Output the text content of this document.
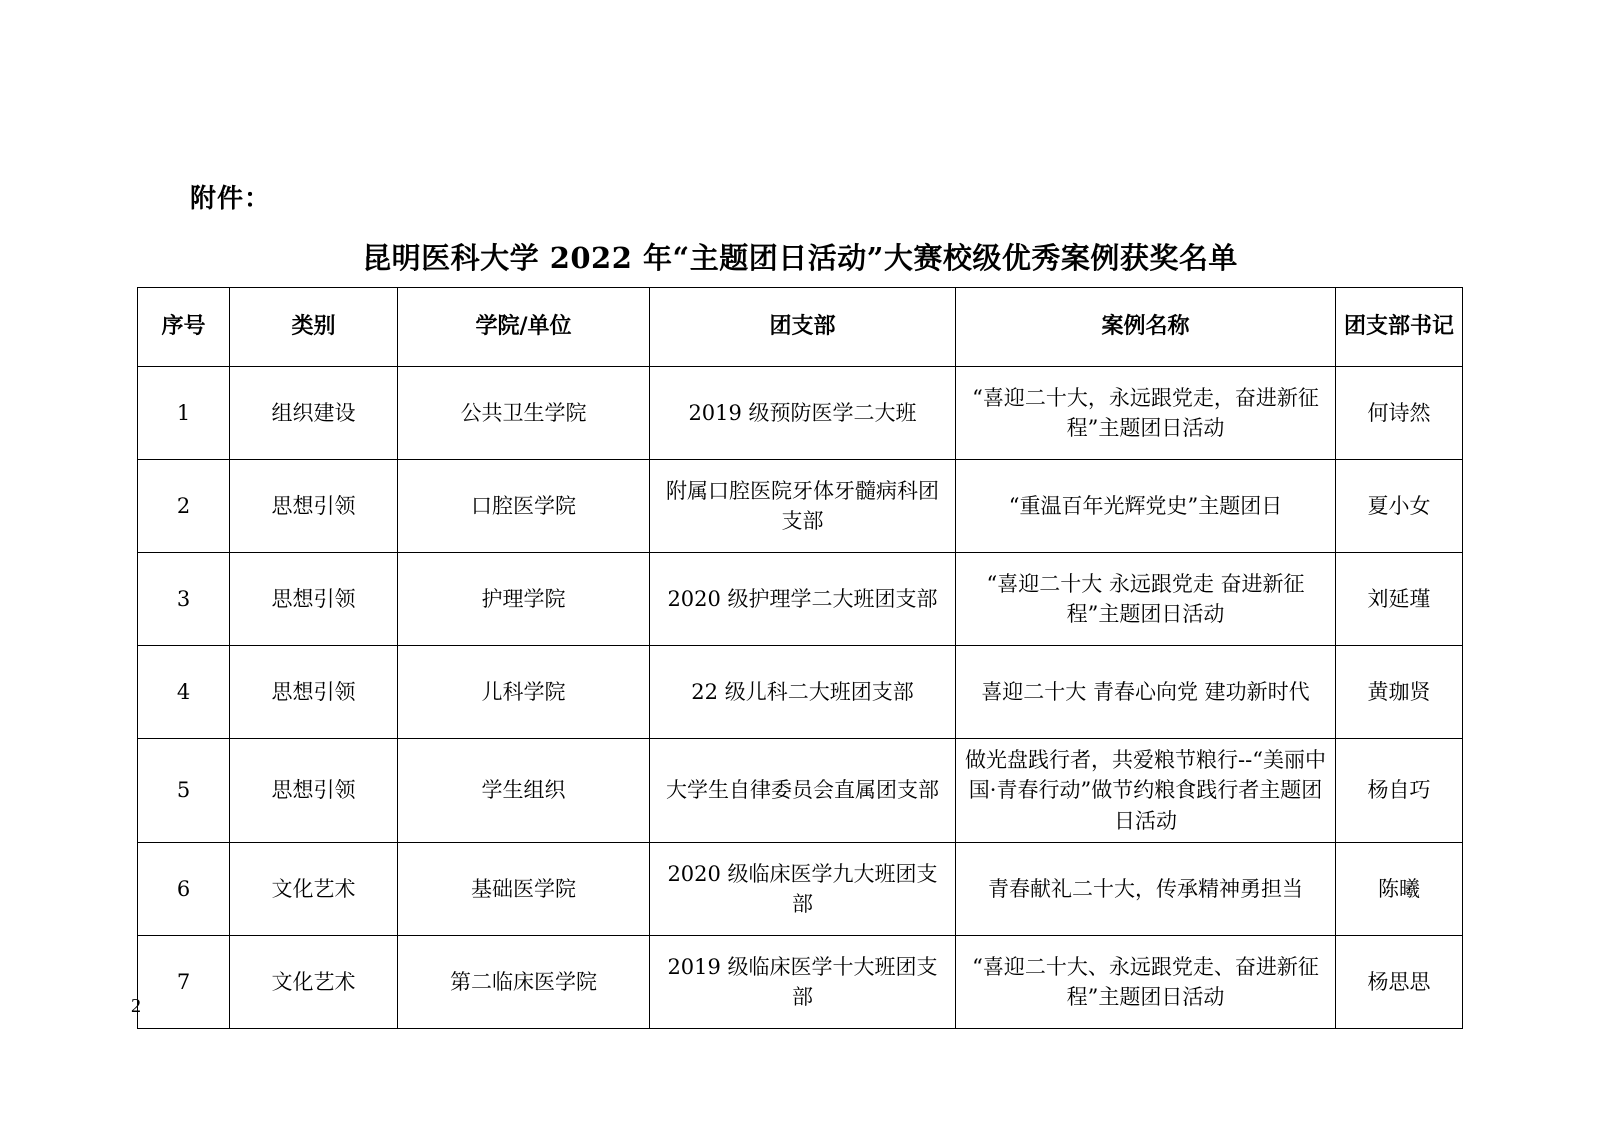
附件：
昆明医科大学 2022 年“主题团日活动”大赛校级优秀案例获奖名单
序号	类别	学院/单位	团支部	案例名称	团支部书记
1	组织建设	公共卫生学院	2019 级预防医学二大班	“喜迎二十大，永远跟党走，奋进新征程”主题团日活动	何诗然
2	思想引领	口腔医学院	附属口腔医院牙体牙髓病科团支部	“重温百年光辉党史”主题团日	夏小女
3	思想引领	护理学院	2020 级护理学二大班团支部	“喜迎二十大 永远跟党走 奋进新征程”主题团日活动	刘延瑾
4	思想引领	儿科学院	22 级儿科二大班团支部	喜迎二十大 青春心向党 建功新时代	黄珈贤
5	思想引领	学生组织	大学生自律委员会直属团支部	做光盘践行者，共爱粮节粮行--“美丽中国·青春行动”做节约粮食践行者主题团日活动	杨自巧
6	文化艺术	基础医学院	2020 级临床医学九大班团支部	青春献礼二十大，传承精神勇担当	陈曦
7	文化艺术	第二临床医学院	2019 级临床医学十大班团支部	“喜迎二十大、永远跟党走、奋进新征程”主题团日活动	杨思思
2
